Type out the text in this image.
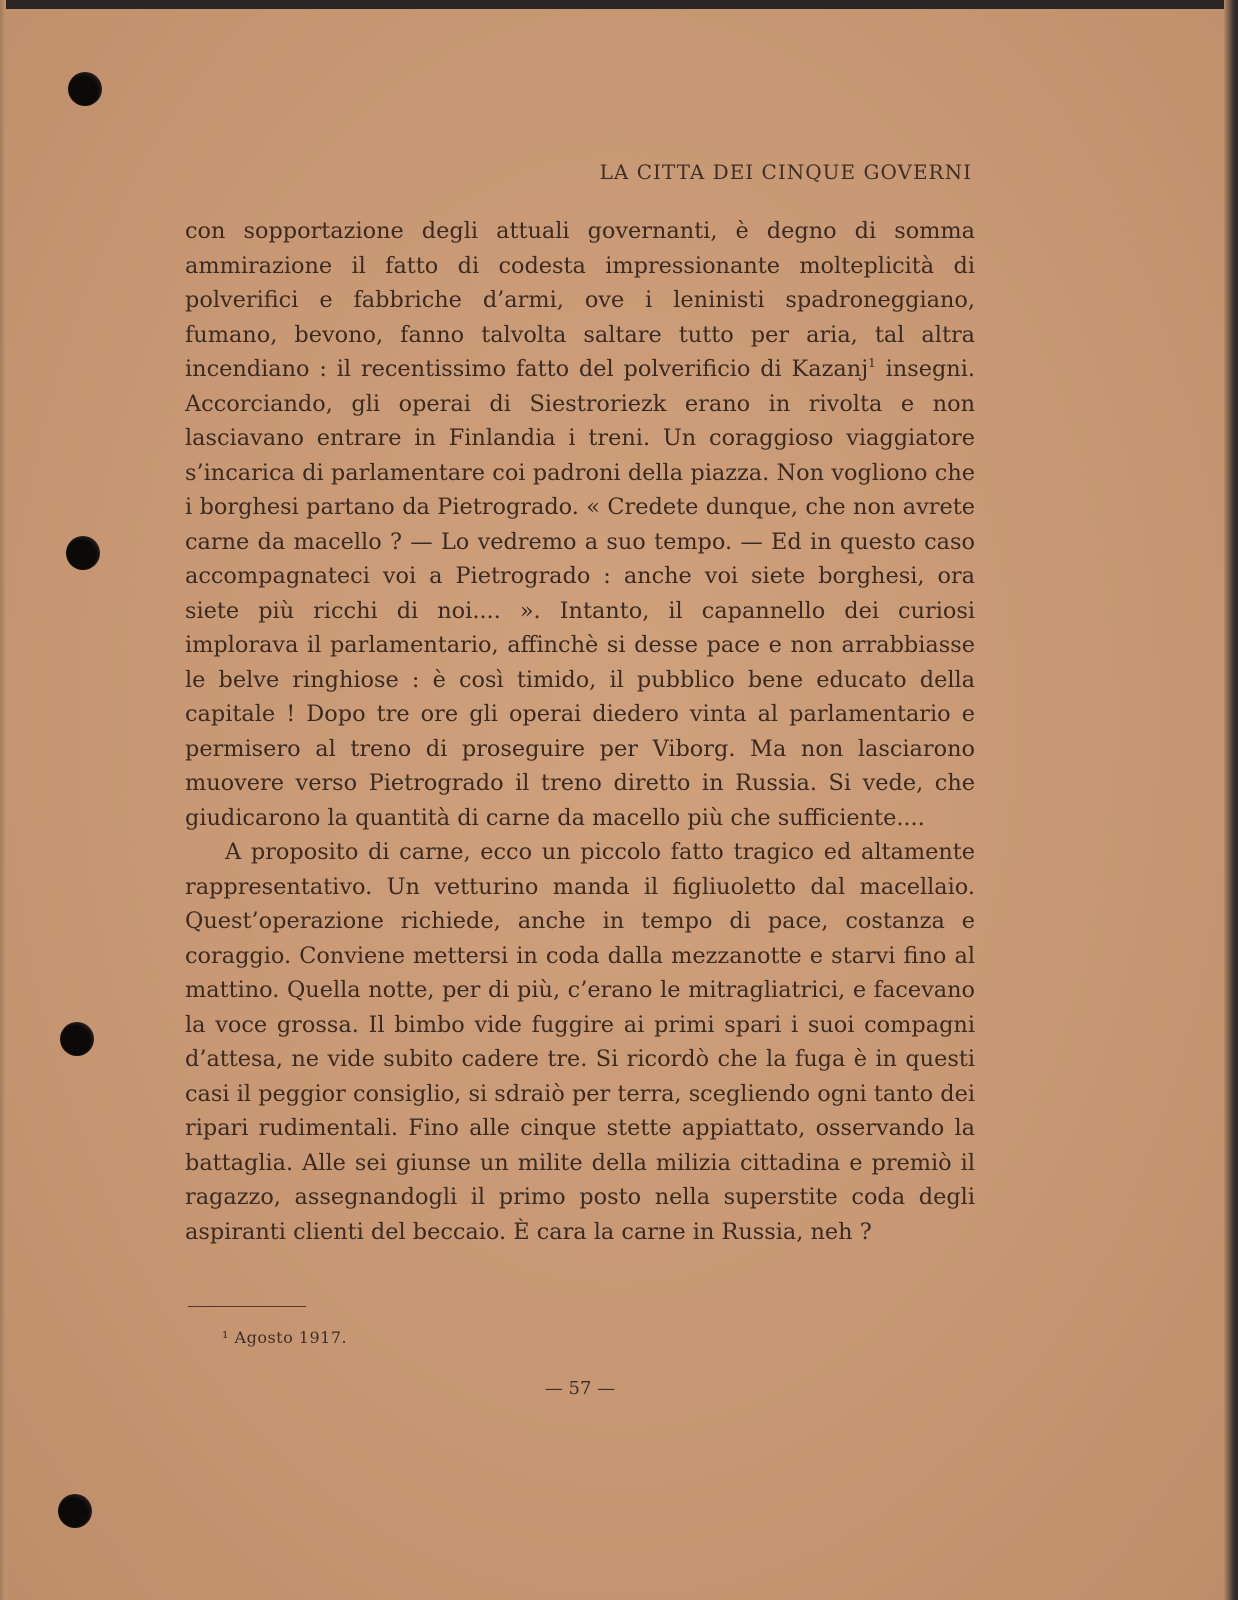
LA CITTA DEI CINQUE GOVERNI

con sopportazione degli attuali governanti, è degno di somma ammirazione il fatto di codesta impressionante molteplicità di polverifici e fabbriche d’armi, ove i leninisti spadroneggiano, fumano, bevono, fanno talvolta saltare tutto per aria, tal altra incendiano : il recentissimo fatto del polverificio di Kazanj$^1$ insegni. Accorciando, gli operai di Siestroriezk erano in rivolta e non lasciavano entrare in Finlandia i treni. Un coraggioso viaggiatore s’incarica di parlamentare coi padroni della piazza. Non vogliono che i borghesi partano da Pietrogrado. « Credete dunque, che non avrete carne da macello ? — Lo vedremo a suo tempo. — Ed in questo caso accompagnateci voi a Pietrogrado : anche voi siete borghesi, ora siete più ricchi di noi.... ». Intanto, il capannello dei curiosi implorava il parlamentario, affinchè si desse pace e non arrabbiasse le belve ringhiose : è così timido, il pubblico bene educato della capitale ! Dopo tre ore gli operai diedero vinta al parlamentario e permisero al treno di proseguire per Viborg. Ma non lasciarono muovere verso Pietrogrado il treno diretto in Russia. Si vede, che giudicarono la quantità di carne da macello più che sufficiente....

A proposito di carne, ecco un piccolo fatto tragico ed altamente rappresentativo. Un vetturino manda il figliuoletto dal macellaio. Quest’operazione richiede, anche in tempo di pace, costanza e coraggio. Conviene mettersi in coda dalla mezzanotte e starvi fino al mattino. Quella notte, per di più, c’erano le mitragliatrici, e facevano la voce grossa. Il bimbo vide fuggire ai primi spari i suoi compagni d’attesa, ne vide subito cadere tre. Si ricordò che la fuga è in questi casi il peggior consiglio, si sdraiò per terra, scegliendo ogni tanto dei ripari rudimentali. Fino alle cinque stette appiattato, osservando la battaglia. Alle sei giunse un milite della milizia cittadina e premiò il ragazzo, assegnandogli il primo posto nella superstite coda degli aspiranti clienti del beccaio. È cara la carne in Russia, neh ?

¹ Agosto 1917.
— 57 —
